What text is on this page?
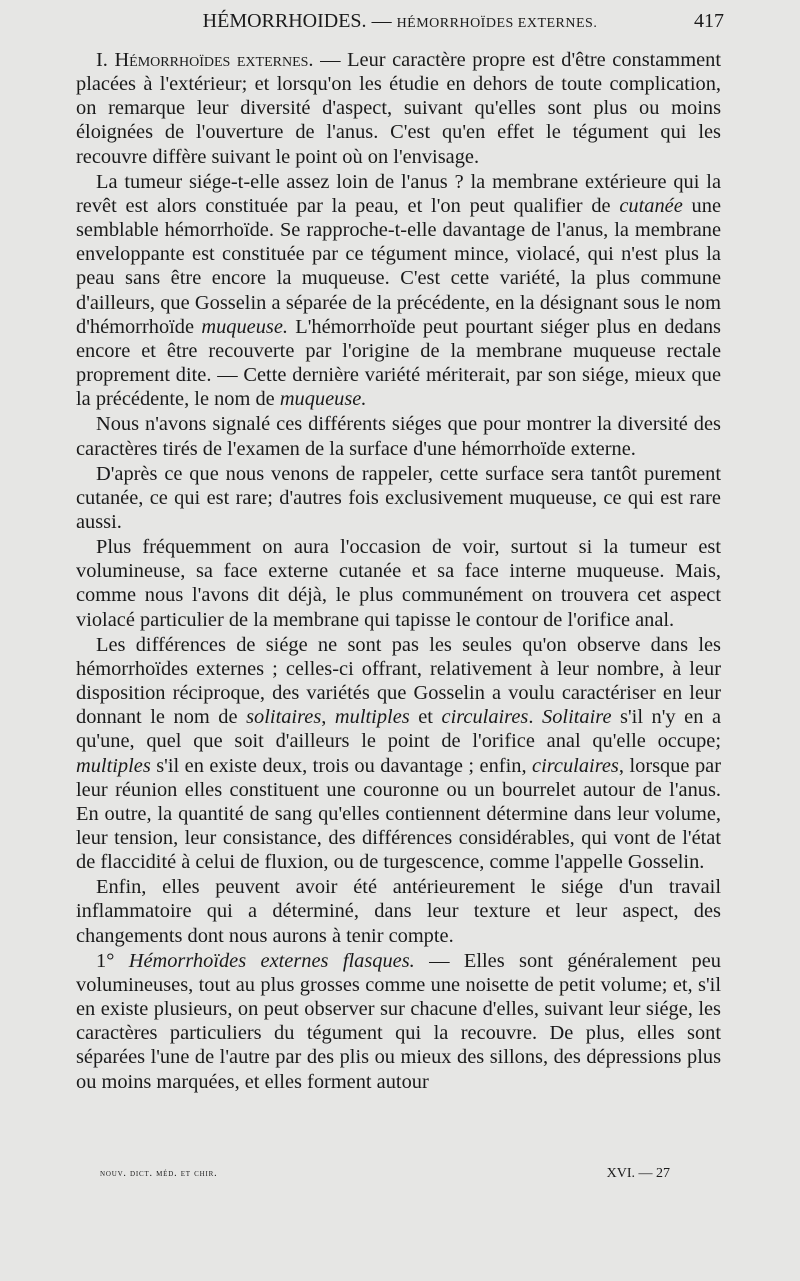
HÉMORRHOIDES. — HÉMORRHOÏDES EXTERNES.	417

I. Hémorrhoïdes externes. — Leur caractère propre est d'être constamment placées à l'extérieur; et lorsqu'on les étudie en dehors de toute complication, on remarque leur diversité d'aspect, suivant qu'elles sont plus ou moins éloignées de l'ouverture de l'anus. C'est qu'en effet le tégument qui les recouvre diffère suivant le point où on l'envisage.

La tumeur siége-t-elle assez loin de l'anus ? la membrane extérieure qui la revêt est alors constituée par la peau, et l'on peut qualifier de cutanée une semblable hémorrhoïde. Se rapproche-t-elle davantage de l'anus, la membrane enveloppante est constituée par ce tégument mince, violacé, qui n'est plus la peau sans être encore la muqueuse. C'est cette variété, la plus commune d'ailleurs, que Gosselin a séparée de la précédente, en la désignant sous le nom d'hémorrhoïde muqueuse. L'hémorrhoïde peut pourtant siéger plus en dedans encore et être recouverte par l'origine de la membrane muqueuse rectale proprement dite. — Cette dernière variété mériterait, par son siége, mieux que la précédente, le nom de muqueuse.

Nous n'avons signalé ces différents siéges que pour montrer la diversité des caractères tirés de l'examen de la surface d'une hémorrhoïde externe.

D'après ce que nous venons de rappeler, cette surface sera tantôt purement cutanée, ce qui est rare; d'autres fois exclusivement muqueuse, ce qui est rare aussi.

Plus fréquemment on aura l'occasion de voir, surtout si la tumeur est volumineuse, sa face externe cutanée et sa face interne muqueuse. Mais, comme nous l'avons dit déjà, le plus communément on trouvera cet aspect violacé particulier de la membrane qui tapisse le contour de l'orifice anal.

Les différences de siége ne sont pas les seules qu'on observe dans les hémorrhoïdes externes ; celles-ci offrant, relativement à leur nombre, à leur disposition réciproque, des variétés que Gosselin a voulu caractériser en leur donnant le nom de solitaires, multiples et circulaires. Solitaire s'il n'y en a qu'une, quel que soit d'ailleurs le point de l'orifice anal qu'elle occupe; multiples s'il en existe deux, trois ou davantage ; enfin, circulaires, lorsque par leur réunion elles constituent une couronne ou un bourrelet autour de l'anus. En outre, la quantité de sang qu'elles contiennent détermine dans leur volume, leur tension, leur consistance, des différences considérables, qui vont de l'état de flaccidité à celui de fluxion, ou de turgescence, comme l'appelle Gosselin.

Enfin, elles peuvent avoir été antérieurement le siége d'un travail inflammatoire qui a déterminé, dans leur texture et leur aspect, des changements dont nous aurons à tenir compte.

1° Hémorrhoïdes externes flasques. — Elles sont généralement peu volumineuses, tout au plus grosses comme une noisette de petit volume; et, s'il en existe plusieurs, on peut observer sur chacune d'elles, suivant leur siége, les caractères particuliers du tégument qui la recouvre. De plus, elles sont séparées l'une de l'autre par des plis ou mieux des sillons, des dépressions plus ou moins marquées, et elles forment autour

nouv. dict. méd. et chir.	XVI. — 27
